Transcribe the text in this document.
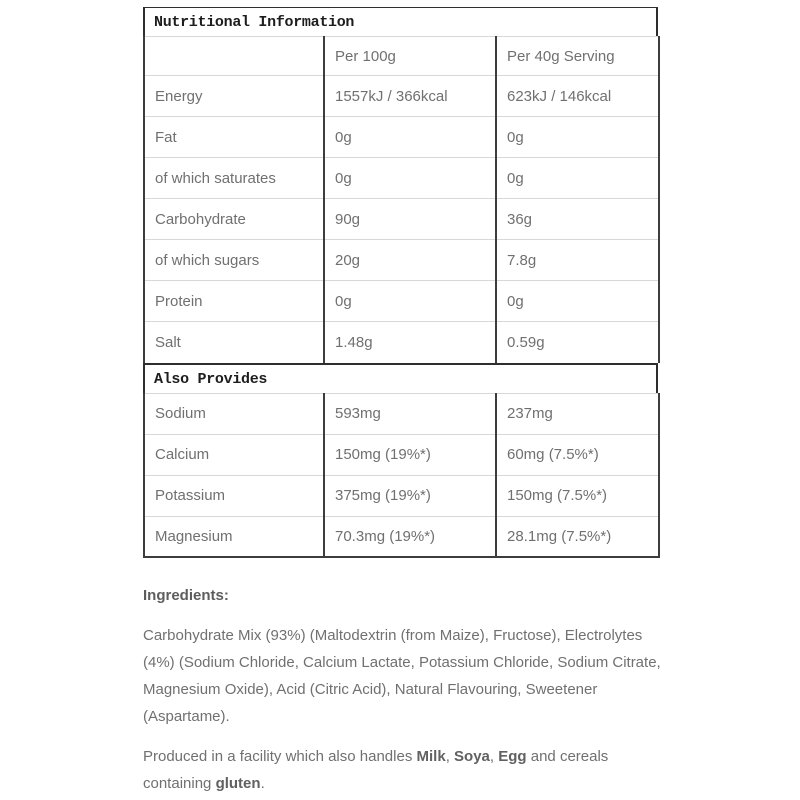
Nutritional Information
	Per 100g	Per 40g Serving
Energy	1557kJ / 366kcal	623kJ / 146kcal
Fat	0g	0g
of which saturates	0g	0g
Carbohydrate	90g	36g
of which sugars	20g	7.8g
Protein	0g	0g
Salt	1.48g	0.59g
Also Provides
Sodium	593mg	237mg
Calcium	150mg (19%*)	60mg (7.5%*)
Potassium	375mg (19%*)	150mg (7.5%*)
Magnesium	70.3mg (19%*)	28.1mg (7.5%*)

Ingredients:

Carbohydrate Mix (93%) (Maltodextrin (from Maize), Fructose), Electrolytes (4%) (Sodium Chloride, Calcium Lactate, Potassium Chloride, Sodium Citrate, Magnesium Oxide), Acid (Citric Acid), Natural Flavouring, Sweetener (Aspartame).

Produced in a facility which also handles Milk, Soya, Egg and cereals containing gluten.
